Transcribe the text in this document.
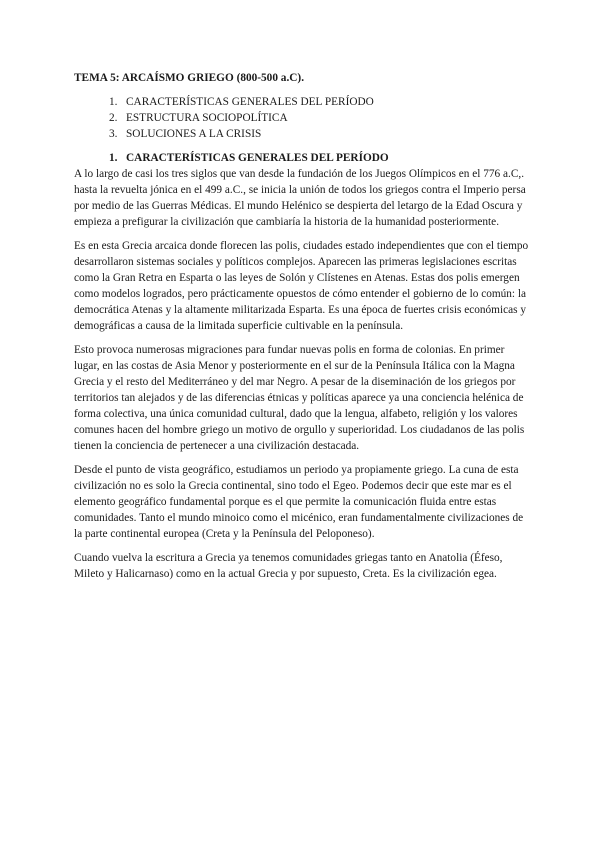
TEMA 5: ARCAÍSMO GRIEGO (800-500 a.C).

1. CARACTERÍSTICAS GENERALES DEL PERÍODO
2. ESTRUCTURA SOCIOPOLÍTICA
3. SOLUCIONES A LA CRISIS
1. CARACTERÍSTICAS GENERALES DEL PERÍODO

A lo largo de casi los tres siglos que van desde la fundación de los Juegos Olímpicos en el 776 a.C,. hasta la revuelta jónica en el 499 a.C., se inicia la unión de todos los griegos contra el Imperio persa por medio de las Guerras Médicas. El mundo Helénico se despierta del letargo de la Edad Oscura y empieza a prefigurar la civilización que cambiaría la historia de la humanidad posteriormente.

Es en esta Grecia arcaica donde florecen las polis, ciudades estado independientes que con el tiempo desarrollaron sistemas sociales y políticos complejos. Aparecen las primeras legislaciones escritas como la Gran Retra en Esparta o las leyes de Solón y Clístenes en Atenas. Estas dos polis emergen como modelos logrados, pero prácticamente opuestos de cómo entender el gobierno de lo común: la democrática Atenas y la altamente militarizada Esparta. Es una época de fuertes crisis económicas y demográficas a causa de la limitada superficie cultivable en la península.

Esto provoca numerosas migraciones para fundar nuevas polis en forma de colonias. En primer lugar, en las costas de Asia Menor y posteriormente en el sur de la Península Itálica con la Magna Grecia y el resto del Mediterráneo y del mar Negro. A pesar de la diseminación de los griegos por territorios tan alejados y de las diferencias étnicas y políticas aparece ya una conciencia helénica de forma colectiva, una única comunidad cultural, dado que la lengua, alfabeto, religión y los valores comunes hacen del hombre griego un motivo de orgullo y superioridad. Los ciudadanos de las polis tienen la conciencia de pertenecer a una civilización destacada.

Desde el punto de vista geográfico, estudiamos un periodo ya propiamente griego. La cuna de esta civilización no es solo la Grecia continental, sino todo el Egeo. Podemos decir que este mar es el elemento geográfico fundamental porque es el que permite la comunicación fluida entre estas comunidades. Tanto el mundo minoico como el micénico, eran fundamentalmente civilizaciones de la parte continental europea (Creta y la Península del Peloponeso).

Cuando vuelva la escritura a Grecia ya tenemos comunidades griegas tanto en Anatolia (Éfeso, Mileto y Halicarnaso) como en la actual Grecia y por supuesto, Creta. Es la civilización egea.
